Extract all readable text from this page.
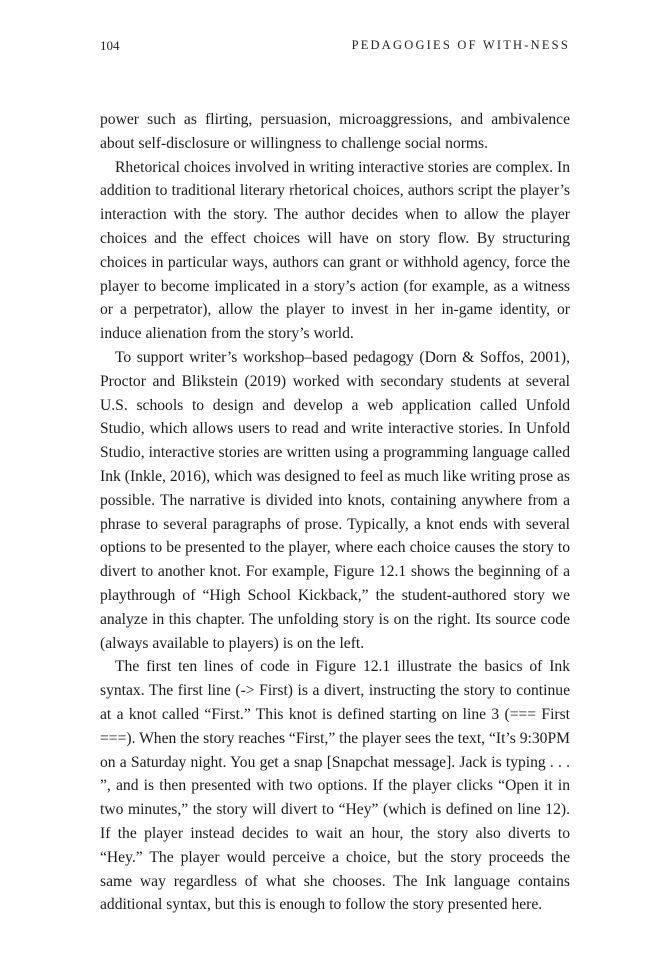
104	PEDAGOGIES OF WITH-NESS

power such as flirting, persuasion, microaggressions, and ambivalence about self-disclosure or willingness to challenge social norms.

Rhetorical choices involved in writing interactive stories are complex. In addition to traditional literary rhetorical choices, authors script the player’s interaction with the story. The author decides when to allow the player choices and the effect choices will have on story flow. By structuring choices in particular ways, authors can grant or withhold agency, force the player to become implicated in a story’s action (for example, as a witness or a perpetrator), allow the player to invest in her in-game identity, or induce alienation from the story’s world.

To support writer’s workshop–based pedagogy (Dorn & Soffos, 2001), Proctor and Blikstein (2019) worked with secondary students at several U.S. schools to design and develop a web application called Unfold Studio, which allows users to read and write interactive stories. In Unfold Studio, interactive stories are written using a programming language called Ink (Inkle, 2016), which was designed to feel as much like writing prose as possible. The narrative is divided into knots, containing anywhere from a phrase to several paragraphs of prose. Typically, a knot ends with several options to be presented to the player, where each choice causes the story to divert to another knot. For example, Figure 12.1 shows the beginning of a playthrough of “High School Kickback,” the student-authored story we analyze in this chapter. The unfolding story is on the right. Its source code (always available to players) is on the left.

The first ten lines of code in Figure 12.1 illustrate the basics of Ink syntax. The first line (-> First) is a divert, instructing the story to continue at a knot called “First.” This knot is defined starting on line 3 (=== First ===). When the story reaches “First,” the player sees the text, “It’s 9:30PM on a Saturday night. You get a snap [Snapchat message]. Jack is typing . . . ”, and is then presented with two options. If the player clicks “Open it in two minutes,” the story will divert to “Hey” (which is defined on line 12). If the player instead decides to wait an hour, the story also diverts to “Hey.” The player would perceive a choice, but the story proceeds the same way regardless of what she chooses. The Ink language contains additional syntax, but this is enough to follow the story presented here.
